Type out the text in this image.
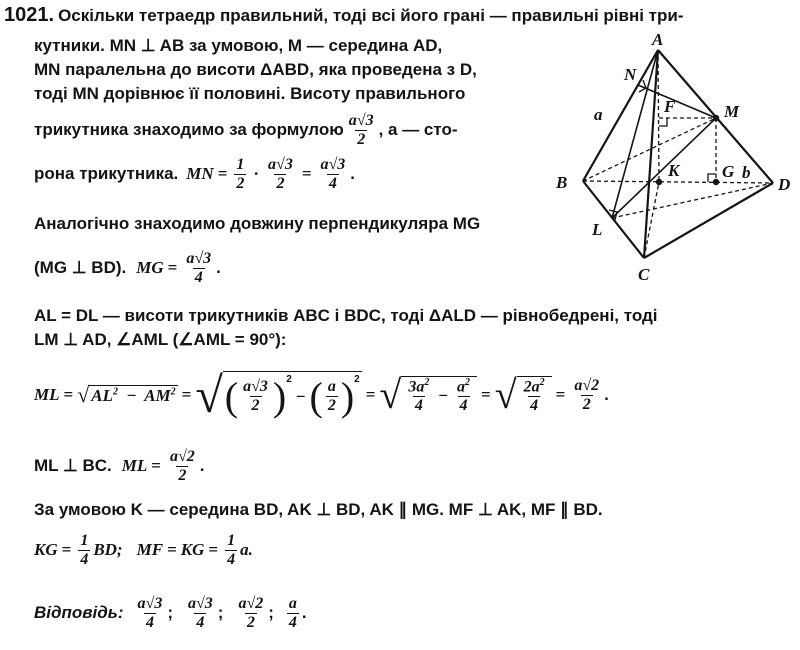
1021. Оскільки тетраедр правильний, тоді всі його грані — правильні рівні три-
кутники. MN ⊥ AB за умовою, M — середина AD,
MN паралельна до висоти ΔABD, яка проведена з D,
тоді MN дорівнює її половині. Висоту правильного
трикутника знаходимо за формулою $\frac{a√3}{2}$ , a — сто-
рона трикутника. MN = $\frac{1}{2} \cdot \frac{a√3}{2} = \frac{a√3}{4}$ .
Аналогічно знаходимо довжину перпендикуляра MG
(MG ⊥ BD). MG = $\frac{a√3}{4}$ .
AL = DL — висоти трикутників ABC і BDC, тоді ΔALD — рівнобедрені, тоді
LM ⊥ AD, ∠AML (∠AML = 90°):
ML = √ $AL^2 - AM^2$ = √ ( $\frac{a√3}{2} )^2$
− ( $\frac{a}{2} )^2$
= √ $\frac{3a^2}{4} - \frac{a^2}{4}$ = √ $\frac{2a^2}{4} = \frac{a√2}{2}$ .
ML ⊥ BC. ML = $\frac{a√2}{2}$ .
За умовою K — середина BD, AK ⊥ BD, AK ∥ MG. MF ⊥ AK, MF ∥ BD.
KG = $\frac{1}{4}$ BD; MF = KG = $\frac{1}{4} a$.
Відповідь: $\frac{a√3}{4}$ ; $\frac{a√3}{4}$ ; $\frac{a√2}{2}$ ; $\frac{a}{4}$ .
A
B
C
D
N
F	M
K	G
L
a
b
